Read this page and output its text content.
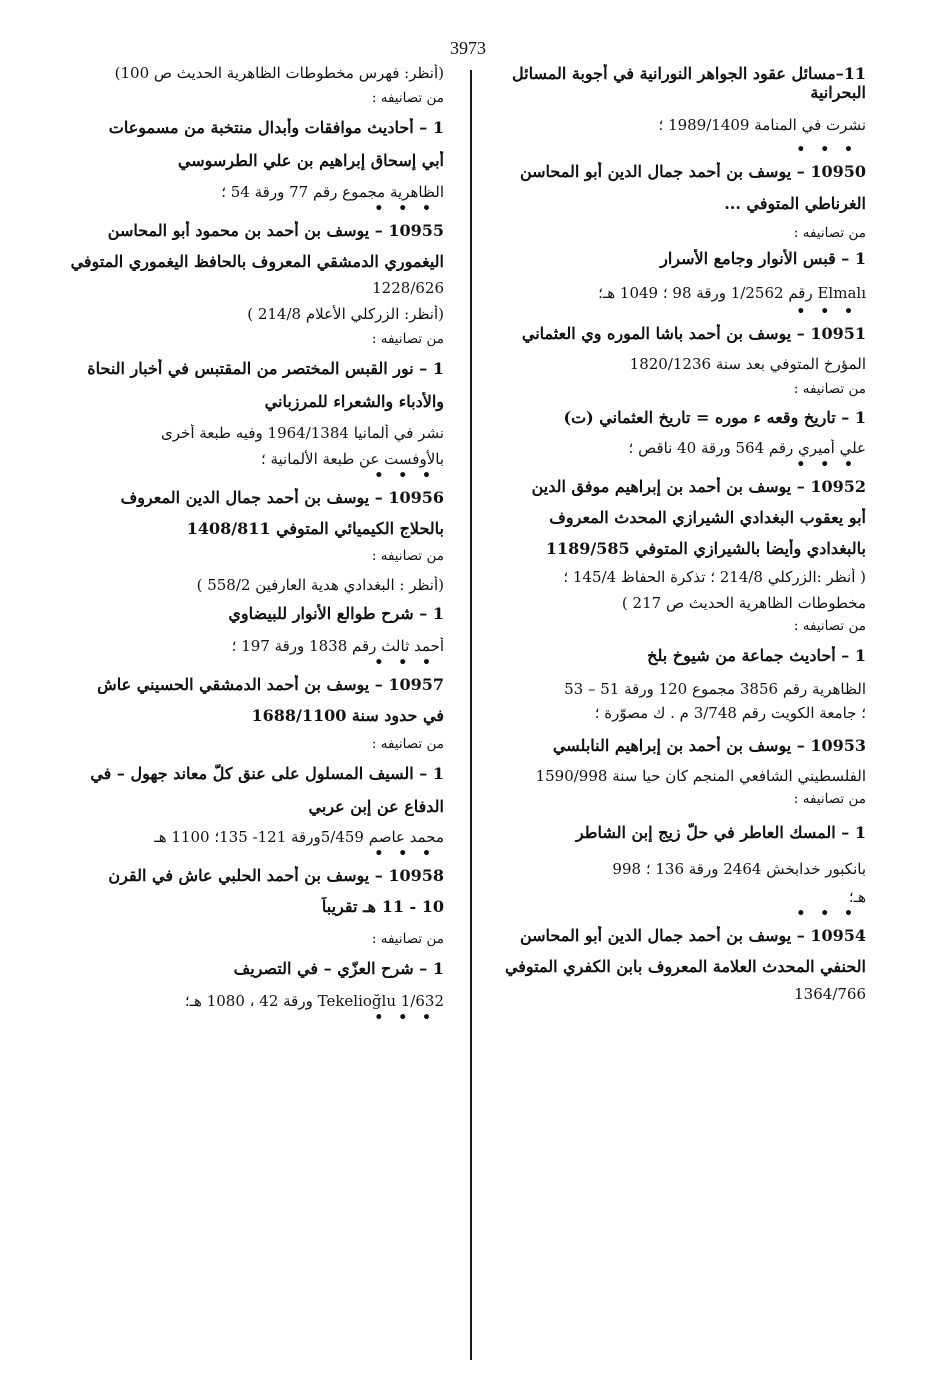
3973
11–مسائل عقود الجواهر النورانية في أجوبة المسائل
البحرانية
نشرت في المنامة 1989/1409 ؛
• • •
10950 – يوسف بن أحمد جمال الدين أبو المحاسن
الغرناطي المتوفي ...
من تصانيفه :
1 – قبس الأنوار وجامع الأسرار
Elmalı رقم 1/2562 ورقة 98 ؛ 1049 هـ؛
• • •
10951 – يوسف بن أحمد باشا الموره وي العثماني
المؤرخ المتوفي بعد سنة 1820/1236
من تصانيفه :
1 – تاريخ وقعه ء موره = تاريخ العثماني (ت)
علي أميري رقم 564 ورقة 40 ناقص ؛
• • •
10952 – يوسف بن أحمد بن إبراهيم موفق الدين
أبو يعقوب البغدادي الشيرازي المحدث المعروف
بالبغدادي وأيضا بالشيرازي المتوفي 1189/585
( أنظر :الزركلي 214/8 ؛ تذكرة الحفاظ 145/4 ؛
مخطوطات الظاهرية الحديث ص 217 )
من تصانيفه :
1 – أحاديث جماعة من شيوخ بلخ
الظاهرية رقم 3856 مجموع 120 ورقة 51 – 53
؛ جامعة الكويت رقم 3/748 م . ك مصوّرة ؛
10953 – يوسف بن أحمد بن إبراهيم النابلسي
الفلسطيني الشافعي المنجم كان حيا سنة 1590/998
من تصانيفه :
1 – المسك العاطر في حلّ زيج إبن الشاطر
بانكبور خدابخش 2464 ورقة 136 ؛ 998
هـ؛
• • •
10954 – يوسف بن أحمد جمال الدين أبو المحاسن
الحنفي المحدث العلامة المعروف بابن الكفري المتوفي
1364/766
(أنظر: فهرس مخطوطات الظاهرية الحديث ص 100)
من تصانيفه :
1 – أحاديث موافقات وأبدال منتخبة من مسموعات
أبي إسحاق إبراهيم بن علي الطرسوسي
الظاهرية مجموع رقم 77 ورقة 54 ؛
• • •
10955 – يوسف بن أحمد بن محمود أبو المحاسن
اليغموري الدمشقي المعروف بالحافظ اليغموري المتوفي
1228/626
(أنظر: الزركلي الأعلام 214/8 )
من تصانيفه :
1 – نور القبس المختصر من المقتبس في أخبار النحاة
والأدباء والشعراء للمرزباني
نشر في ألمانيا 1964/1384 وفيه طبعة أخرى
بالأوفست عن طبعة الألمانية ؛
• • •
10956 – يوسف بن أحمد جمال الدين المعروف
بالحلاج الكيميائي المتوفي 1408/811
من تصانيفه :
(أنظر : البغدادي هدية العارفين 558/2 )
1 – شرح طوالع الأنوار للبيضاوي
أحمد ثالث رقم 1838 ورقة 197 ؛
• • •
10957 – يوسف بن أحمد الدمشقي الحسيني عاش
في حدود سنة 1688/1100
من تصانيفه :
1 – السيف المسلول على عنق كلّ معاند جهول – في
الدفاع عن إبن عربي
محمد عاصم 5/459ورقة 121- 135؛ 1100 هـ
• • •
10958 – يوسف بن أحمد الحلبي عاش في القرن
10 - 11 هـ تقريباً
من تصانيفه :
1 – شرح العزّي – في التصريف
Tekelioğlu 1/632 ورقة 42 ، 1080 هـ؛
• • •
